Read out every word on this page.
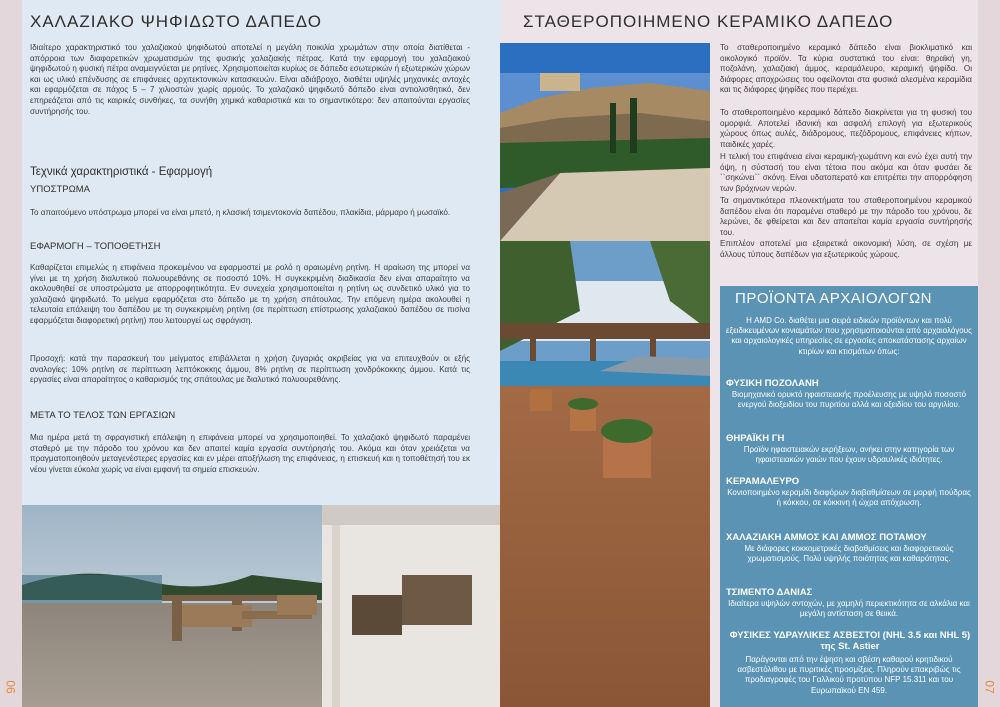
06	07
ΧΑΛΑΖΙΑΚΟ ΨΗΦΙΔΩΤΟ ΔΑΠΕΔΟ
Ιδιαίτερο χαρακτηριστικό του χαλαζιακού ψηφιδωτού αποτελεί η μεγάλη ποικιλία χρωμάτων στην οποία διατίθεται - απόρροια των διαφορετικών χρωματισμών της φυσικής χαλαζιακής πέτρας. Κατά την εφαρμογή του χαλαζιακού ψηφιδωτού η φυσική πέτρα αναμειγνύεται με ρητίνες. Χρησιμοποιείται κυρίως σε δάπεδα εσωτερικών ή εξωτερικών χώρων και ως υλικό επένδυσης σε επιφάνειες αρχιτεκτονικών κατασκευών. Είναι αδιάβροχο, διαθέτει υψηλές μηχανικές αντοχές και εφαρμόζεται σε πάχος 5 – 7 χιλιοστών χωρίς αρμούς. Το χαλαζιακό ψηφιδωτό δάπεδο είναι αντιολισθητικό, δεν επηρεάζεται από τις καιρικές συνθήκες, τα συνήθη χημικά καθαριστικά και το σημαντικότερο: δεν απαιτούνται εργασίες συντήρησής του.
Τεχνικά χαρακτηριστικά - Εφαρμογή
ΥΠΟΣΤΡΩΜΑ
Το απαιτούμενο υπόστρωμα μπορεί να είναι μπετό, η κλασική τσιμεντοκονία δαπέδου, πλακίδια, μάρμαρο ή μωσαϊκό.
ΕΦΑΡΜΟΓΗ – ΤΟΠΟΘΕΤΗΣΗ
Καθαρίζεται επιμελώς η επιφάνεια προκειμένου να εφαρμοστεί με ρολό η αραιωμένη ρητίνη. Η αραίωση της μπορεί να γίνει με τη χρήση διαλυτικού πολυουρεθάνης σε ποσοστό 10%. Η συγκεκριμένη διαδικασία δεν είναι απαραίτητο να ακολουθηθεί σε υποστρώματα με απορροφητικότητα. Εν συνεχεία χρησιμοποιείται η ρητίνη ως συνδετικό υλικό για το χαλαζιακό ψηφιδωτό. Το μείγμα εφαρμόζεται στο δάπεδο με τη χρήση σπάτουλας. Την επόμενη ημέρα ακολουθεί η τελευταία επάλειψη του δαπέδου με τη συγκεκριμένη ρητίνη (σε περίπτωση επίστρωσης χαλαζιακού δαπέδου σε πισίνα εφαρμόζεται διαφορετική ρητίνη) που λειτουργεί ως σφράγιση.
Προσοχή: κατά την παρασκευή του μείγματος επιβάλλεται η χρήση ζυγαριάς ακριβείας για να επιτευχθούν οι εξής αναλογίες: 10% ρητίνη σε περίπτωση λεπτόκοκκης άμμου, 8% ρητίνη σε περίπτωση χονδρόκοκκης άμμου. Κατά τις εργασίες είναι απαραίτητος ο καθαρισμός της σπάτουλας με διαλυτικό πολυουρεθάνης.
ΜΕΤΑ ΤΟ ΤΕΛΟΣ ΤΩΝ ΕΡΓΑΣΙΩΝ
Μια ημέρα μετά τη σφραγιστική επάλειψη η επιφάνεια μπορεί να χρησιμοποιηθεί. Το χαλαζιακό ψηφιδωτό παραμένει σταθερό με την πάροδο του χρόνου και δεν απαιτεί καμία εργασία συντήρησής του. Ακόμα και όταν χρειάζεται να πραγματοποιηθούν μεταγενέστερες εργασίες και εν μέρει αποξήλωση της επιφάνειας, η επισκευή και η τοποθέτησή του εκ νέου γίνεται εύκολα χωρίς να είναι εμφανή τα σημεία επισκευών.
ΣΤΑΘΕΡΟΠΟΙΗΜΕΝΟ ΚΕΡΑΜΙΚΟ ΔΑΠΕΔΟ
Το σταθεροποιημένο κεραμικό δάπεδο είναι βιοκλιματικό και οικολογικό προϊόν. Τα κύρια συστατικά του είναι: θηραϊκή γη, ποζολάνη, χαλαζιακή άμμος, κεραμάλευρο, κεραμική ψηφίδα. Οι διάφορες αποχρώσεις του οφείλονται στα φυσικά αλεσμένα κεραμίδια και τις διάφορες ψηφίδες που περιέχει.
Το σταθεροποιημένο κεραμικό δάπεδο διακρίνεται για τη φυσική του ομορφιά. Αποτελεί ιδανική και ασφαλή επιλογή για εξωτερικούς χώρους όπως αυλές, διάδρομους, πεζόδρομους, επιφάνειες κήπων, παιδικές χαρές.
Η τελική του επιφάνεια είναι κεραμική-χωμάτινη και ενώ έχει αυτή την όψη, η σύστασή του είναι τέτοια που ακόμα και όταν φυσάει δε ``σηκώνει`` σκόνη. Είναι υδατοπερατό και επιτρέπει την απορρόφηση των βρόχινων νερών.
Τα σημαντικότερα πλεονεκτήματα του σταθεροποιημένου κεραμικού δαπέδου είναι ότι παραμένει σταθερό με την πάροδο του χρόνου, δε λερώνει, δε φθείρεται και δεν απαιτείται καμία εργασία συντήρησής του.
Επιπλέον αποτελεί μια εξαιρετικά οικονομική λύση, σε σχέση με άλλους τύπους δαπέδων για εξωτερικούς χώρους.
ΠΡΟΪΟΝΤΑ ΑΡΧΑΙΟΛΟΓΩΝ
Η AMD Co. διαθέτει μια σειρά ειδικών προϊόντων και πολύ εξειδικευμένων κονιαμάτων που χρησιμοποιούνται από αρχαιολόγους και αρχαιολογικές υπηρεσίες σε εργασίες αποκατάστασης αρχαίων κτιρίων και κτισμάτων όπως:
ΦΥΣΙΚΗ ΠΟΖΟΛΑΝΗ
Βιομηχανικό ορυκτό ηφαιστειακής προέλευσης με υψηλό ποσοστό ενεργού διοξειδίου του πυριτίου αλλά και οξειδίου του αργιλίου.
ΘΗΡΑΪΚΗ ΓΗ
Προϊόν ηφαιστειακών εκρήξεων, ανήκει στην κατηγορία των ηφαιστειακών γαιών που έχουν υδραυλικές ιδιότητες.
ΚΕΡΑΜΑΛΕΥΡΟ
Κονιοποιημένο κεραμίδι διαφόρων διαβαθμίσεων σε μορφή πούδρας ή κόκκου, σε κόκκινη ή ώχρα απόχρωση.
ΧΑΛΑΖΙΑΚΗ ΑΜΜΟΣ ΚΑΙ ΑΜΜΟΣ ΠΟΤΑΜΟΥ
Με διάφορες κοκκομετρικές διαβαθμίσεις και διαφορετικούς χρωματισμούς. Πολύ υψηλής ποιότητας και καθαρότητας.
ΤΣΙΜΕΝΤΟ ΔΑΝΙΑΣ
Ιδιαίτερα υψηλών αντοχών, με χαμηλή περιεκτικότητα σε αλκάλια και μεγάλη αντίσταση σε θειικά.
ΦΥΣΙΚΕΣ ΥΔΡΑΥΛΙΚΕΣ ΑΣΒΕΣΤΟΙ (NHL 3.5 και NHL 5) της St. Astier
Παράγονται από την έψηση και σβέση καθαρού κρητιδικού ασβεστόλιθου με πυριτικές προσμίξεις. Πληρούν επακριβώς τις προδιαγραφές του Γαλλικού προτύπου NFP 15.311 και του Ευρωπαϊκού EN 459.
